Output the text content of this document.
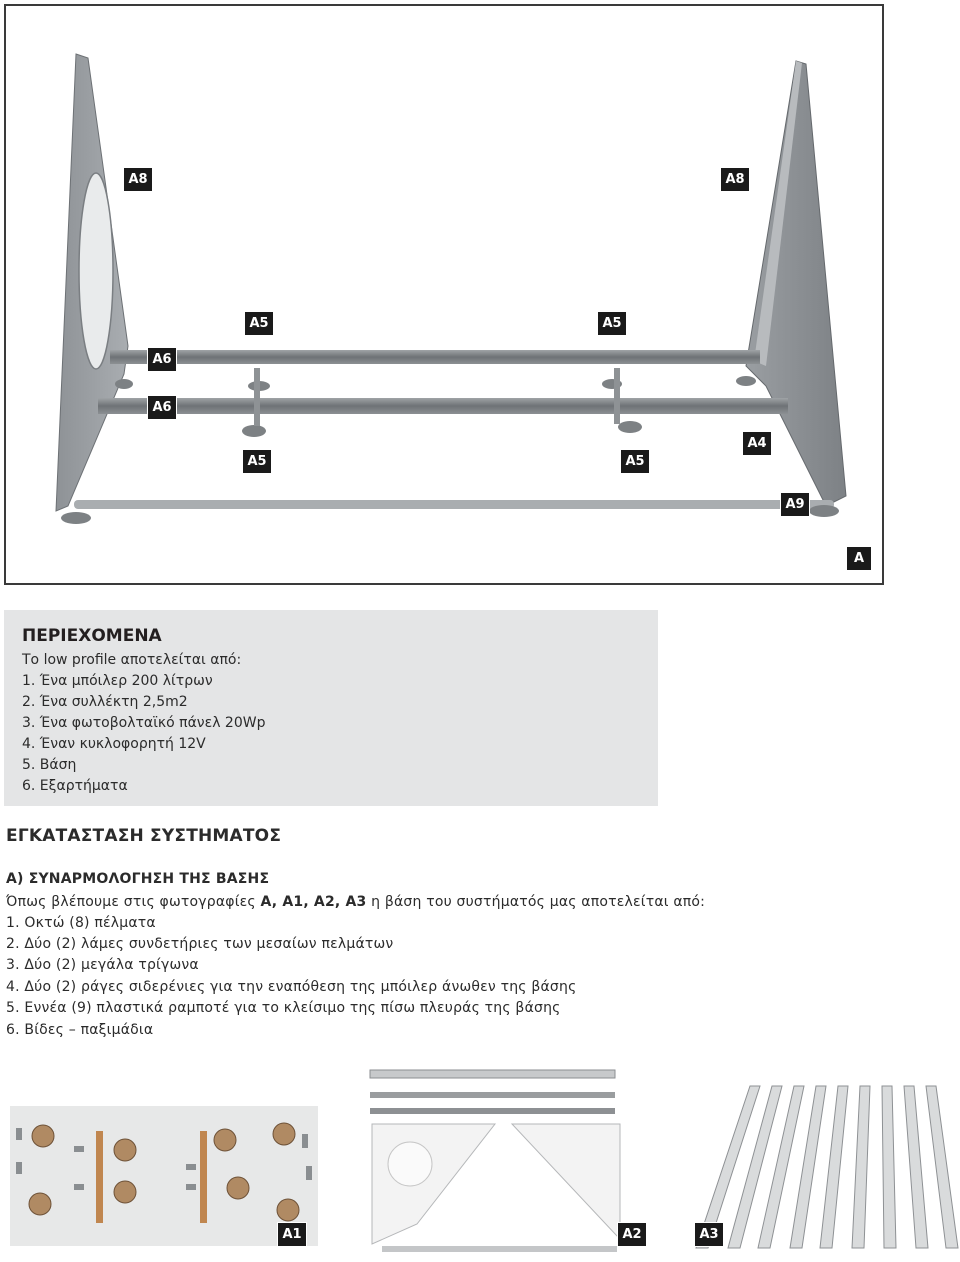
A8	A8
A5	A5
A6
A6
A4
A5	A5
A9
A
ΠΕΡΙΕΧΟΜΕΝΑ
Το low profile αποτελείται από:
1. Ένα μπόιλερ 200 λίτρων
2. Ένα συλλέκτη 2,5m2
3. Ένα φωτοβολταϊκό πάνελ 20Wp
4. Έναν κυκλοφορητή 12V
5. Βάση
6. Εξαρτήματα
ΕΓΚΑΤΑΣΤΑΣΗ ΣΥΣΤΗΜΑΤΟΣ
Α) ΣΥΝΑΡΜΟΛΟΓΗΣΗ ΤΗΣ ΒΑΣΗΣ
Όπως βλέπουμε στις φωτογραφίες A, A1, A2, A3 η βάση του συστήματός μας αποτελείται από:
1. Οκτώ (8) πέλματα
2. Δύο (2) λάμες συνδετήριες των μεσαίων πελμάτων
3. Δύο (2) μεγάλα τρίγωνα
4. Δύο (2) ράγες σιδερένιες για την εναπόθεση της μπόιλερ άνωθεν της βάσης
5. Εννέα (9) πλαστικά ραμποτέ για το κλείσιμο της πίσω πλευράς της βάσης
6. Βίδες – παξιμάδια
A1	A2	A3
